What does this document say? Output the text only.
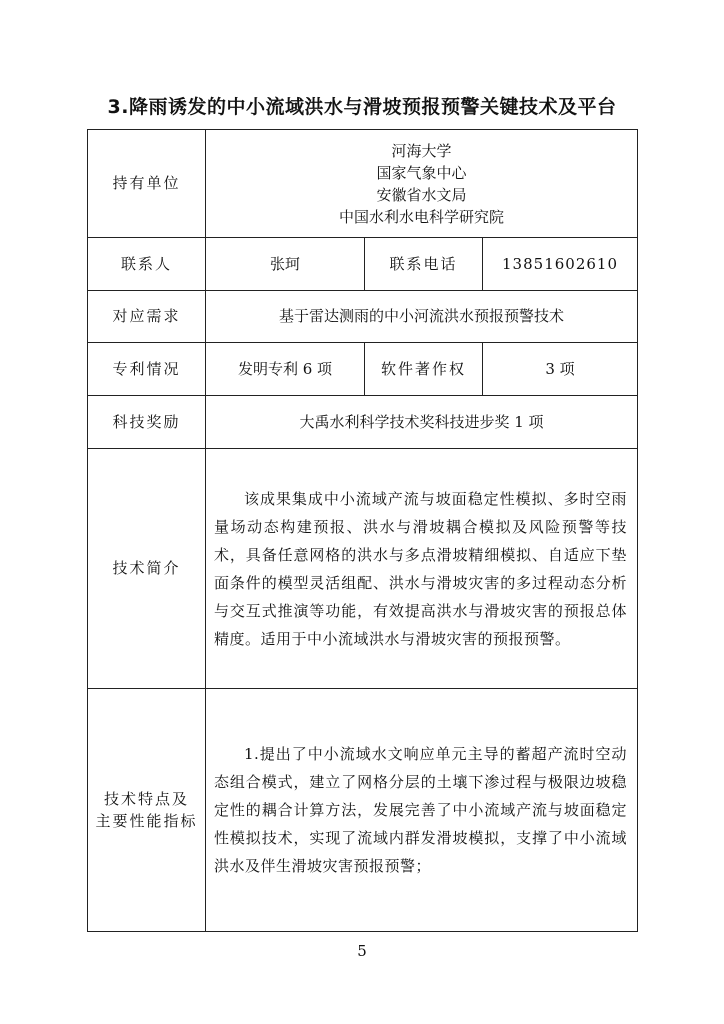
3.降雨诱发的中小流域洪水与滑坡预报预警关键技术及平台
持有单位	河海大学
国家气象中心
安徽省水文局
中国水利水电科学研究院		

联系人	张珂	联系电话	13851602610
对应需求	基于雷达测雨的中小河流洪水预报预警技术		
专利情况	发明专利 6 项	软件著作权	3 项
科技奖励	大禹水利科学技术奖科技进步奖 1 项		
技术简介	该成果集成中小流域产流与坡面稳定性模拟、多时空雨量场动态构建预报、洪水与滑坡耦合模拟及风险预警等技术，具备任意网格的洪水与多点滑坡精细模拟、自适应下垫面条件的模型灵活组配、洪水与滑坡灾害的多过程动态分析与交互式推演等功能，有效提高洪水与滑坡灾害的预报总体精度。适用于中小流域洪水与滑坡灾害的预报预警。		

技术特点及
主要性能指标	1.提出了中小流域水文响应单元主导的蓄超产流时空动态组合模式，建立了网格分层的土壤下渗过程与极限边坡稳定性的耦合计算方法，发展完善了中小流域产流与坡面稳定性模拟技术，实现了流域内群发滑坡模拟，支撑了中小流域洪水及伴生滑坡灾害预报预警；		
5
